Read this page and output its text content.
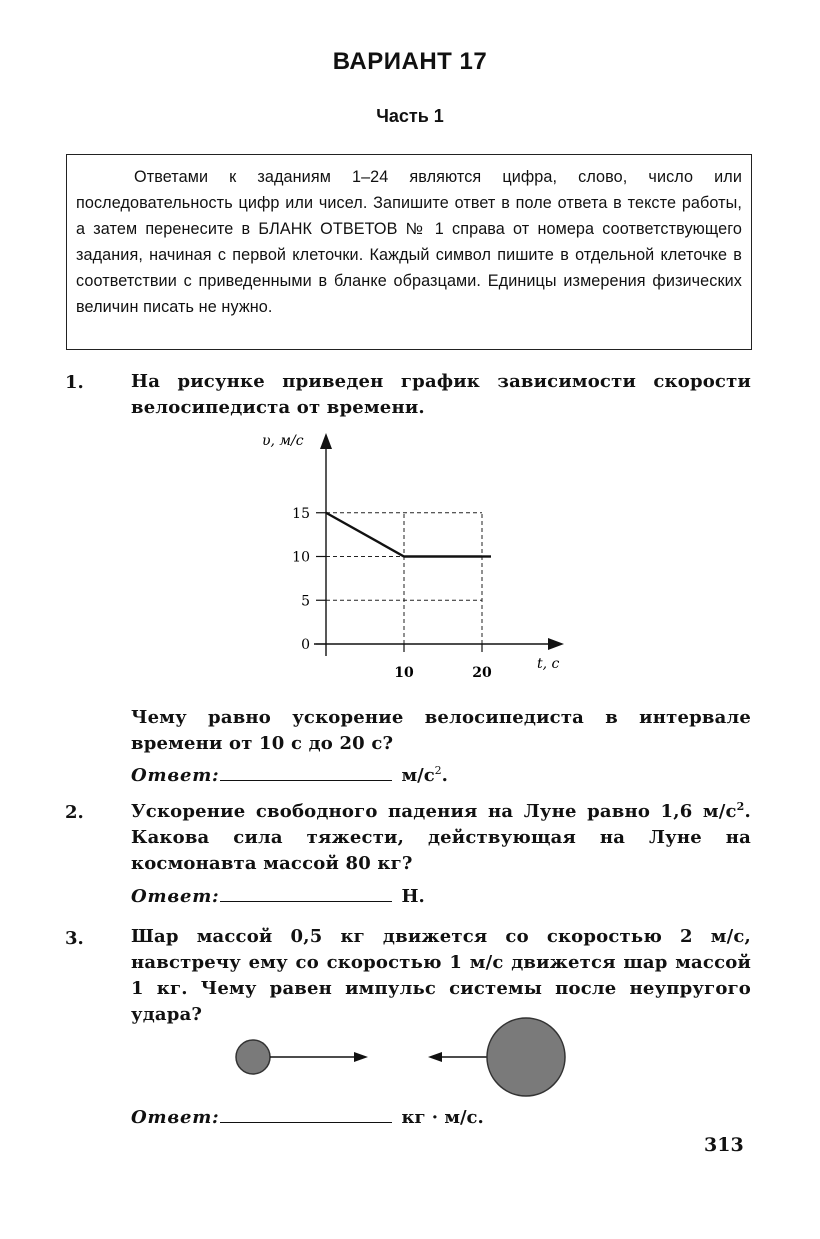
ВАРИАНТ 17
Часть 1

Ответами к заданиям 1–24 являются цифра, слово, число или последовательность цифр или чисел. Запишите ответ в поле ответа в тексте работы, а затем перенесите в БЛАНК ОТВЕТОВ № 1 справа от номера соответствующего задания, начиная с первой клеточки. Каждый символ пишите в отдельной клеточке в соответствии с приведенными в бланке образцами. Единицы измерения физических величин писать не нужно.

1.	На рисунке приведен график зависимости скорости велосипедиста от времени.
0
5
10
15
10	20
υ, м/с
t, с
Чему равно ускорение велосипедиста в интервале времени от 10 с до 20 с?
Ответ:	$м/с^2$.
2.	Ускорение свободного падения на Луне равно 1,6 $м/с^2$. Какова сила тяжести, действующая на Луне на космонавта массой 80 кг?
Ответ:	Н.
3.	Шар массой 0,5 кг движется со скоростью 2 м/с, навстречу ему со скоростью 1 м/с движется шар массой 1 кг. Чему равен импульс системы после неупругого удара?
Ответ:	кг · м/с.
313
